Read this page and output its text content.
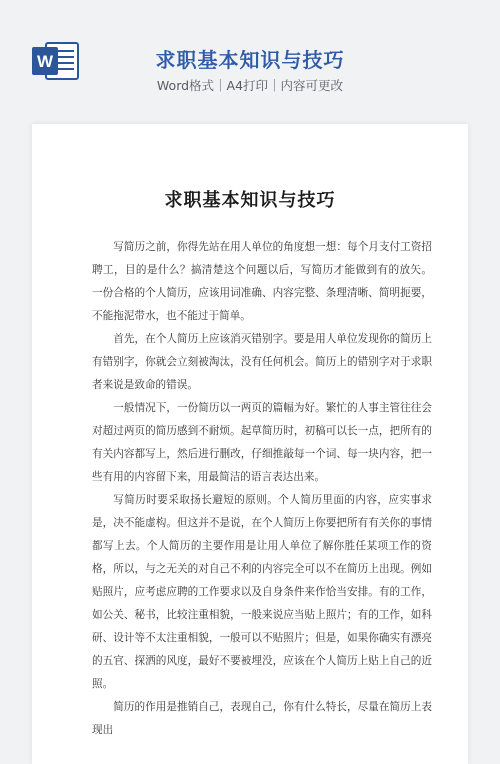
W	求职基本知识与技巧
Word格式｜A4打印｜内容可更改
求职基本知识与技巧

写简历之前，你得先站在用人单位的角度想一想：每个月支付工资招聘工，目的是什么？搞清楚这个问题以后，写简历才能做到有的放矢。 一份合格的个人简历，应该用词准确、内容完整、条理清晰、简明扼要，不能拖泥带水，也不能过于简单。

首先，在个人简历上应该消灭错别字。要是用人单位发现你的简历上有错别字，你就会立刻被淘汰，没有任何机会。简历上的错别字对于求职者来说是致命的错误。

一般情况下，一份简历以一两页的篇幅为好。繁忙的人事主管往往会对超过两页的简历感到不耐烦。起草简历时，初稿可以长一点，把所有的有关内容都写上，然后进行删改，仔细推敲每一个词、每一块内容，把一些有用的内容留下来，用最简洁的语言表达出来。

写简历时要采取扬长避短的原则。个人简历里面的内容，应实事求是，决不能虚构。但这并不是说，在个人简历上你要把所有有关你的事情都写上去。个人简历的主要作用是让用人单位了解你胜任某项工作的资格，所以，与之无关的对自己不利的内容完全可以不在简历上出现。例如贴照片，应考虑应聘的工作要求以及自身条件来作恰当安排。有的工作，如公关、秘书，比较注重相貌，一般来说应当贴上照片；有的工作，如科研、设计等不太注重相貌，一般可以不贴照片；但是，如果你确实有漂亮的五官、探洒的风度，最好不要被埋没，应该在个人简历上贴上自己的近照。

简历的作用是推销自己，表现自己，你有什么特长，尽量在简历上表现出
